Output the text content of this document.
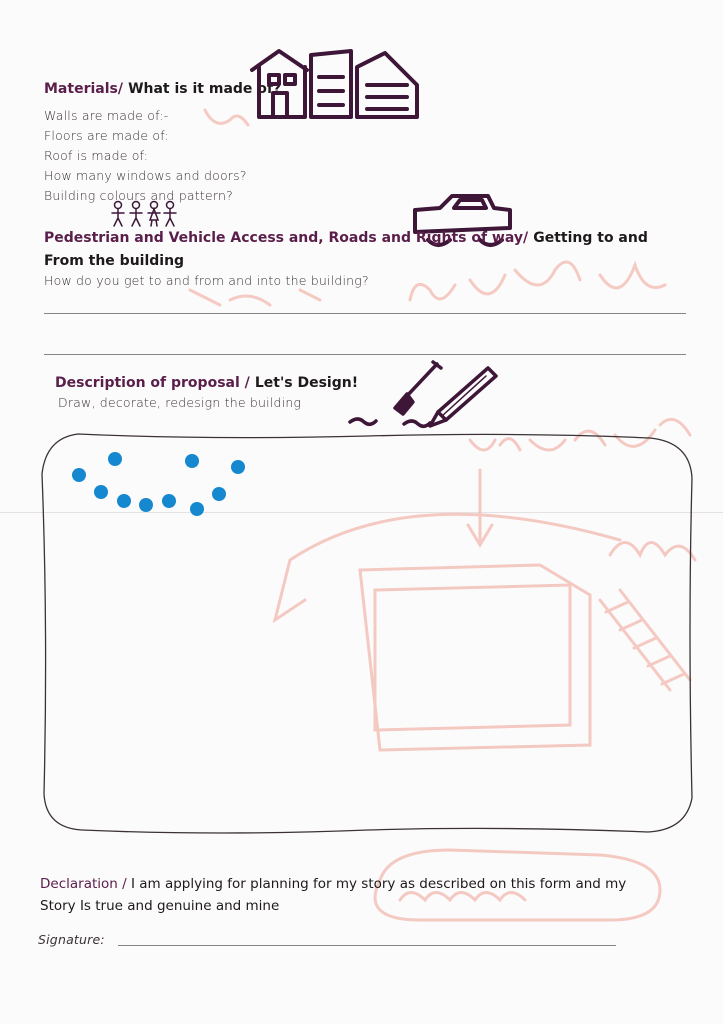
Materials/ What is it made of?
Walls are made of:-
Floors are made of:
Roof is made of:
How many windows and doors?
Building colours and pattern?
Pedestrian and Vehicle Access and, Roads and Rights of way/ Getting to and
From the building
How do you get to and from and into the building?
Description of proposal / Let's Design!
Draw, decorate, redesign the building
Declaration / I am applying for planning for my story as described on this form and my
Story Is true and genuine and mine
Signature:
